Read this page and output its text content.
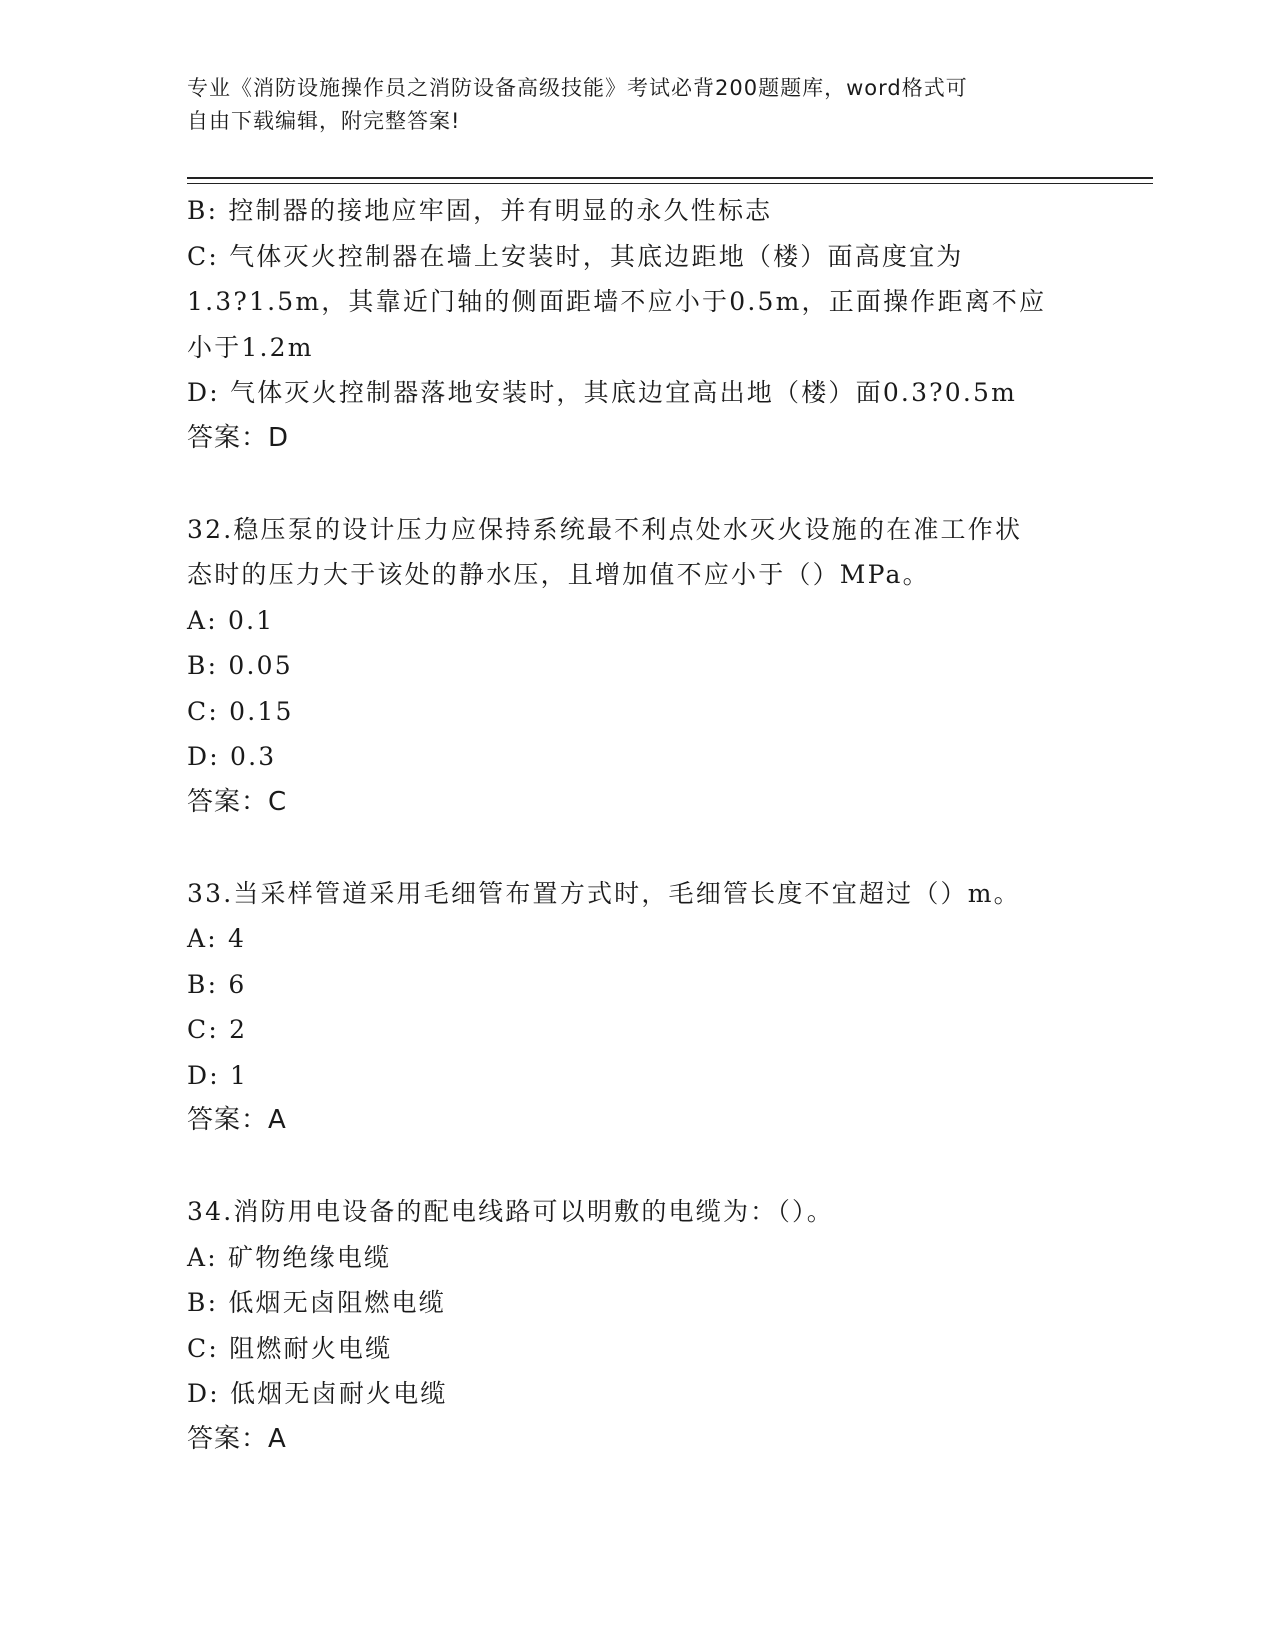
专业《消防设施操作员之消防设备高级技能》考试必背200题题库，word格式可
自由下载编辑，附完整答案!
B: 控制器的接地应牢固，并有明显的永久性标志
C: 气体灭火控制器在墙上安装时，其底边距地（楼）面高度宜为
1.3?1.5m，其靠近门轴的侧面距墙不应小于0.5m，正面操作距离不应
小于1.2m
D: 气体灭火控制器落地安装时，其底边宜高出地（楼）面0.3?0.5m
答案：D
32.稳压泵的设计压力应保持系统最不利点处水灭火设施的在准工作状
态时的压力大于该处的静水压，且增加值不应小于（）MPa。
A: 0.1
B: 0.05
C: 0.15
D: 0.3
答案：C
33.当采样管道采用毛细管布置方式时，毛细管长度不宜超过（）m。
A: 4
B: 6
C: 2
D: 1
答案：A
34.消防用电设备的配电线路可以明敷的电缆为：（）。
A: 矿物绝缘电缆
B: 低烟无卤阻燃电缆
C: 阻燃耐火电缆
D: 低烟无卤耐火电缆
答案：A
